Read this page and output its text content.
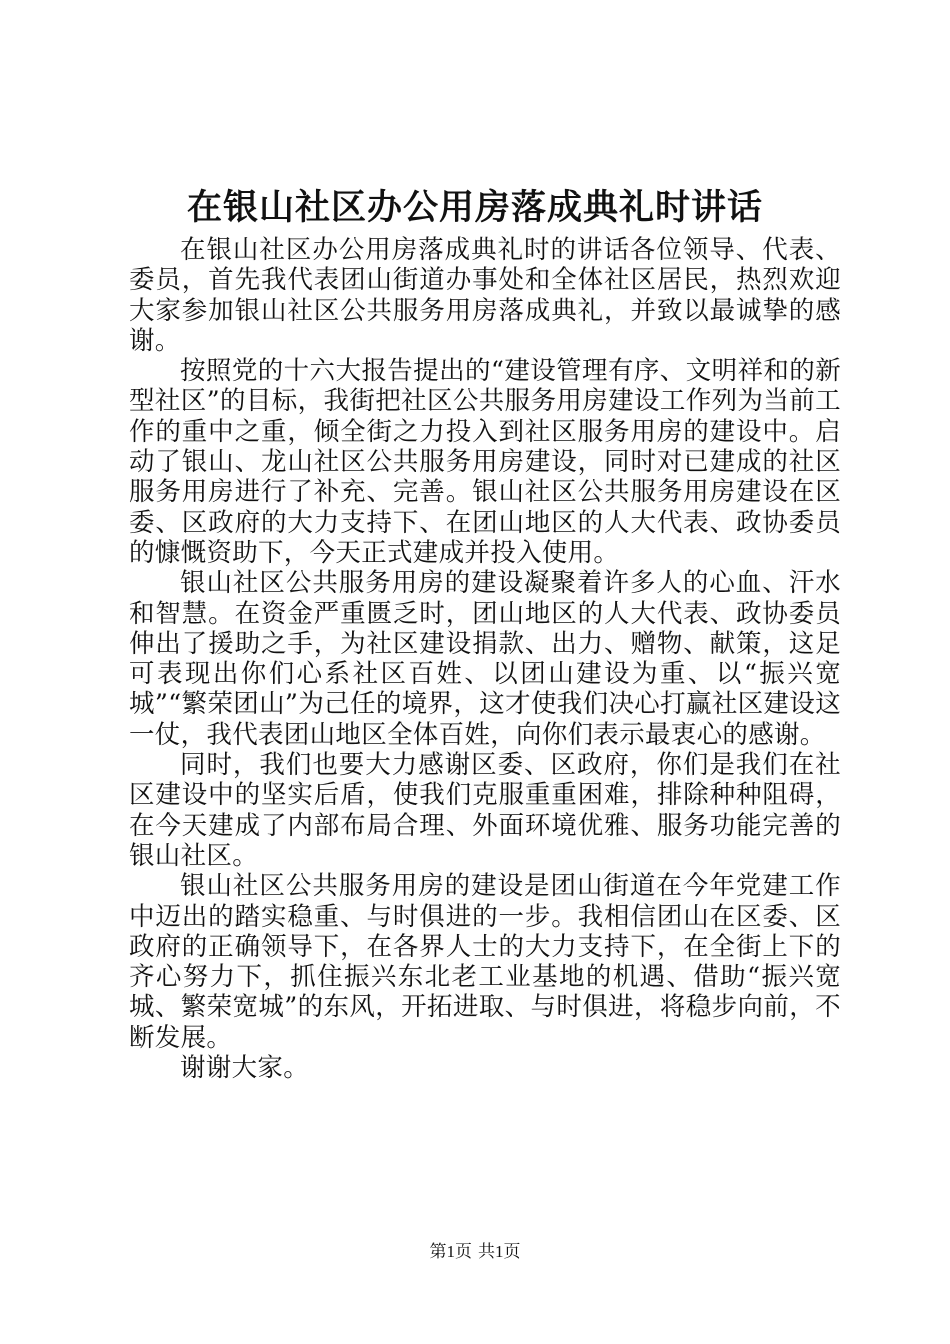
在银山社区办公用房落成典礼时讲话

在银山社区办公用房落成典礼时的讲话各位领导、代表、委员，首先我代表团山街道办事处和全体社区居民，热烈欢迎大家参加银山社区公共服务用房落成典礼，并致以最诚挚的感谢。

按照党的十六大报告提出的“建设管理有序、文明祥和的新型社区”的目标，我街把社区公共服务用房建设工作列为当前工作的重中之重，倾全街之力投入到社区服务用房的建设中。启动了银山、龙山社区公共服务用房建设，同时对已建成的社区服务用房进行了补充、完善。银山社区公共服务用房建设在区委、区政府的大力支持下、在团山地区的人大代表、政协委员的慷慨资助下，今天正式建成并投入使用。

银山社区公共服务用房的建设凝聚着许多人的心血、汗水和智慧。在资金严重匮乏时，团山地区的人大代表、政协委员伸出了援助之手，为社区建设捐款、出力、赠物、献策，这足可表现出你们心系社区百姓、以团山建设为重、以“振兴宽城”“繁荣团山”为己任的境界，这才使我们决心打赢社区建设这一仗，我代表团山地区全体百姓，向你们表示最衷心的感谢。

同时，我们也要大力感谢区委、区政府，你们是我们在社区建设中的坚实后盾，使我们克服重重困难，排除种种阻碍，在今天建成了内部布局合理、外面环境优雅、服务功能完善的银山社区。

银山社区公共服务用房的建设是团山街道在今年党建工作中迈出的踏实稳重、与时俱进的一步。我相信团山在区委、区政府的正确领导下，在各界人士的大力支持下，在全街上下的齐心努力下，抓住振兴东北老工业基地的机遇、借助“振兴宽城、繁荣宽城”的东风，开拓进取、与时俱进，将稳步向前，不断发展。

谢谢大家。

第1页 共1页
